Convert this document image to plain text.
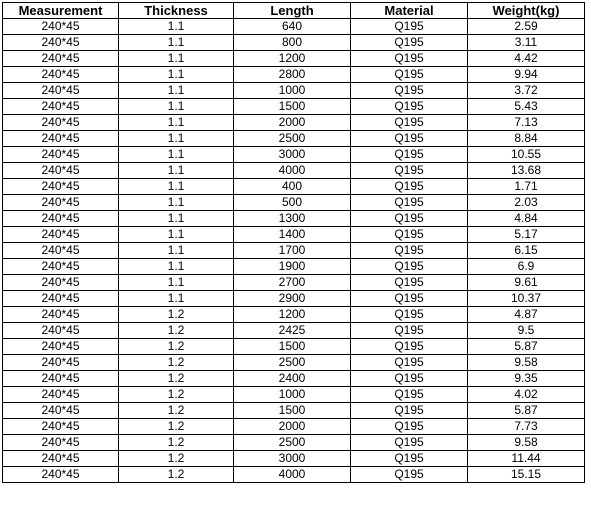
Measurement	Thickness	Length	Material	Weight(kg)
240*45	1.1	640	Q195	2.59
240*45	1.1	800	Q195	3.11
240*45	1.1	1200	Q195	4.42
240*45	1.1	2800	Q195	9.94
240*45	1.1	1000	Q195	3.72
240*45	1.1	1500	Q195	5.43
240*45	1.1	2000	Q195	7.13
240*45	1.1	2500	Q195	8.84
240*45	1.1	3000	Q195	10.55
240*45	1.1	4000	Q195	13.68
240*45	1.1	400	Q195	1.71
240*45	1.1	500	Q195	2.03
240*45	1.1	1300	Q195	4.84
240*45	1.1	1400	Q195	5.17
240*45	1.1	1700	Q195	6.15
240*45	1.1	1900	Q195	6.9
240*45	1.1	2700	Q195	9.61
240*45	1.1	2900	Q195	10.37
240*45	1.2	1200	Q195	4.87
240*45	1.2	2425	Q195	9.5
240*45	1.2	1500	Q195	5.87
240*45	1.2	2500	Q195	9.58
240*45	1.2	2400	Q195	9.35
240*45	1.2	1000	Q195	4.02
240*45	1.2	1500	Q195	5.87
240*45	1.2	2000	Q195	7.73
240*45	1.2	2500	Q195	9.58
240*45	1.2	3000	Q195	11.44
240*45	1.2	4000	Q195	15.15
